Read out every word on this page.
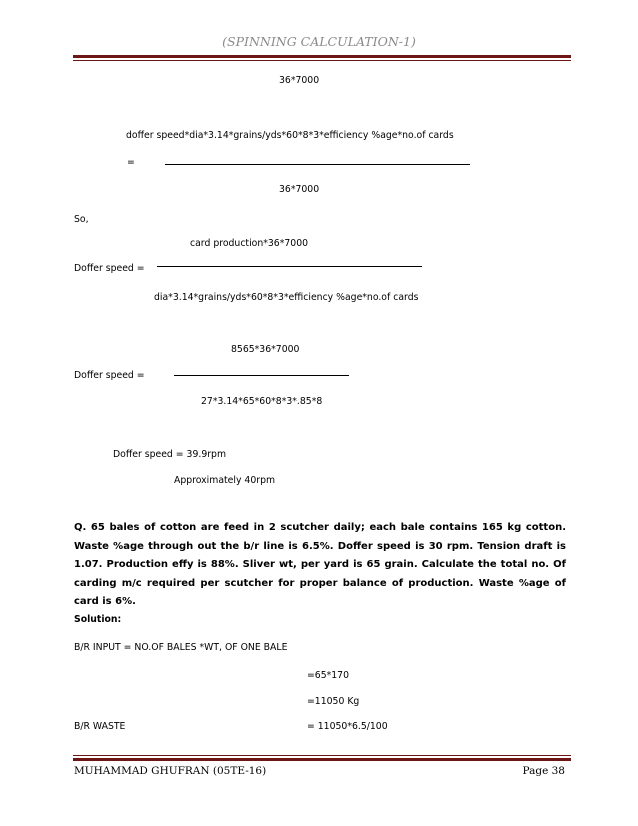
(SPINNING CALCULATION-1)
36*7000
doffer speed*dia*3.14*grains/yds*60*8*3*efficiency %age*no.of cards
=
36*7000
So,
card production*36*7000
Doffer speed =
dia*3.14*grains/yds*60*8*3*efficiency %age*no.of cards
8565*36*7000
Doffer speed =
27*3.14*65*60*8*3*.85*8
Doffer speed = 39.9rpm
Approximately 40rpm
Q. 65 bales of cotton are feed in 2 scutcher daily; each bale contains 165 kg cotton. Waste %age through out the b/r line is 6.5%. Doffer speed is 30 rpm. Tension draft is 1.07. Production effy is 88%. Sliver wt, per yard is 65 grain. Calculate the total no. Of carding m/c required per scutcher for proper balance of production. Waste %age of card is 6%.
Solution:
B/R INPUT = NO.OF BALES *WT, OF ONE BALE
=65*170
=11050 Kg
B/R WASTE	= 11050*6.5/100
MUHAMMAD GHUFRAN (05TE-16)	Page 38
